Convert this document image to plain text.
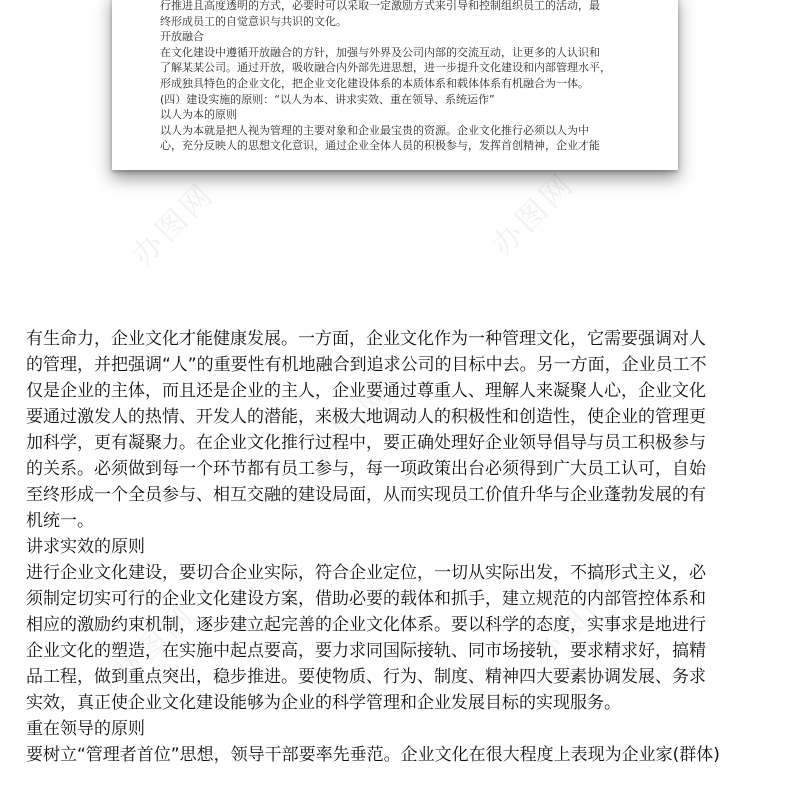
办图网	办图网
办图网
办图网
办图网

行推进且高度透明的方式，必要时可以采取一定激励方式来引导和控制组织员工的活动，最

终形成员工的自觉意识与共识的文化。

开放融合

在文化建设中遵循开放融合的方针，加强与外界及公司内部的交流互动，让更多的人认识和

了解某某公司。通过开放，吸收融合内外部先进思想，进一步提升文化建设和内部管理水平，

形成独具特色的企业文化，把企业文化建设体系的本质体系和载体体系有机融合为一体。

(四）建设实施的原则：“以人为本、讲求实效、重在领导、系统运作”

以人为本的原则

以人为本就是把人视为管理的主要对象和企业最宝贵的资源。企业文化推行必须以人为中

心，充分反映人的思想文化意识，通过企业全体人员的积极参与，发挥首创精神，企业才能

有生命力，企业文化才能健康发展。一方面，企业文化作为一种管理文化，它需要强调对人

的管理，并把强调“人”的重要性有机地融合到追求公司的目标中去。另一方面，企业员工不

仅是企业的主体，而且还是企业的主人，企业要通过尊重人、理解人来凝聚人心，企业文化

要通过激发人的热情、开发人的潜能，来极大地调动人的积极性和创造性，使企业的管理更

加科学，更有凝聚力。在企业文化推行过程中，要正确处理好企业领导倡导与员工积极参与

的关系。必须做到每一个环节都有员工参与，每一项政策出台必须得到广大员工认可，自始

至终形成一个全员参与、相互交融的建设局面，从而实现员工价值升华与企业蓬勃发展的有

机统一。

讲求实效的原则

进行企业文化建设，要切合企业实际，符合企业定位，一切从实际出发，不搞形式主义，必

须制定切实可行的企业文化建设方案，借助必要的载体和抓手，建立规范的内部管控体系和

相应的激励约束机制，逐步建立起完善的企业文化体系。要以科学的态度，实事求是地进行

企业文化的塑造，在实施中起点要高，要力求同国际接轨、同市场接轨，要求精求好，搞精

品工程，做到重点突出，稳步推进。要使物质、行为、制度、精神四大要素协调发展、务求

实效，真正使企业文化建设能够为企业的科学管理和企业发展目标的实现服务。

重在领导的原则

要树立“管理者首位”思想，领导干部要率先垂范。企业文化在很大程度上表现为企业家(群体)
